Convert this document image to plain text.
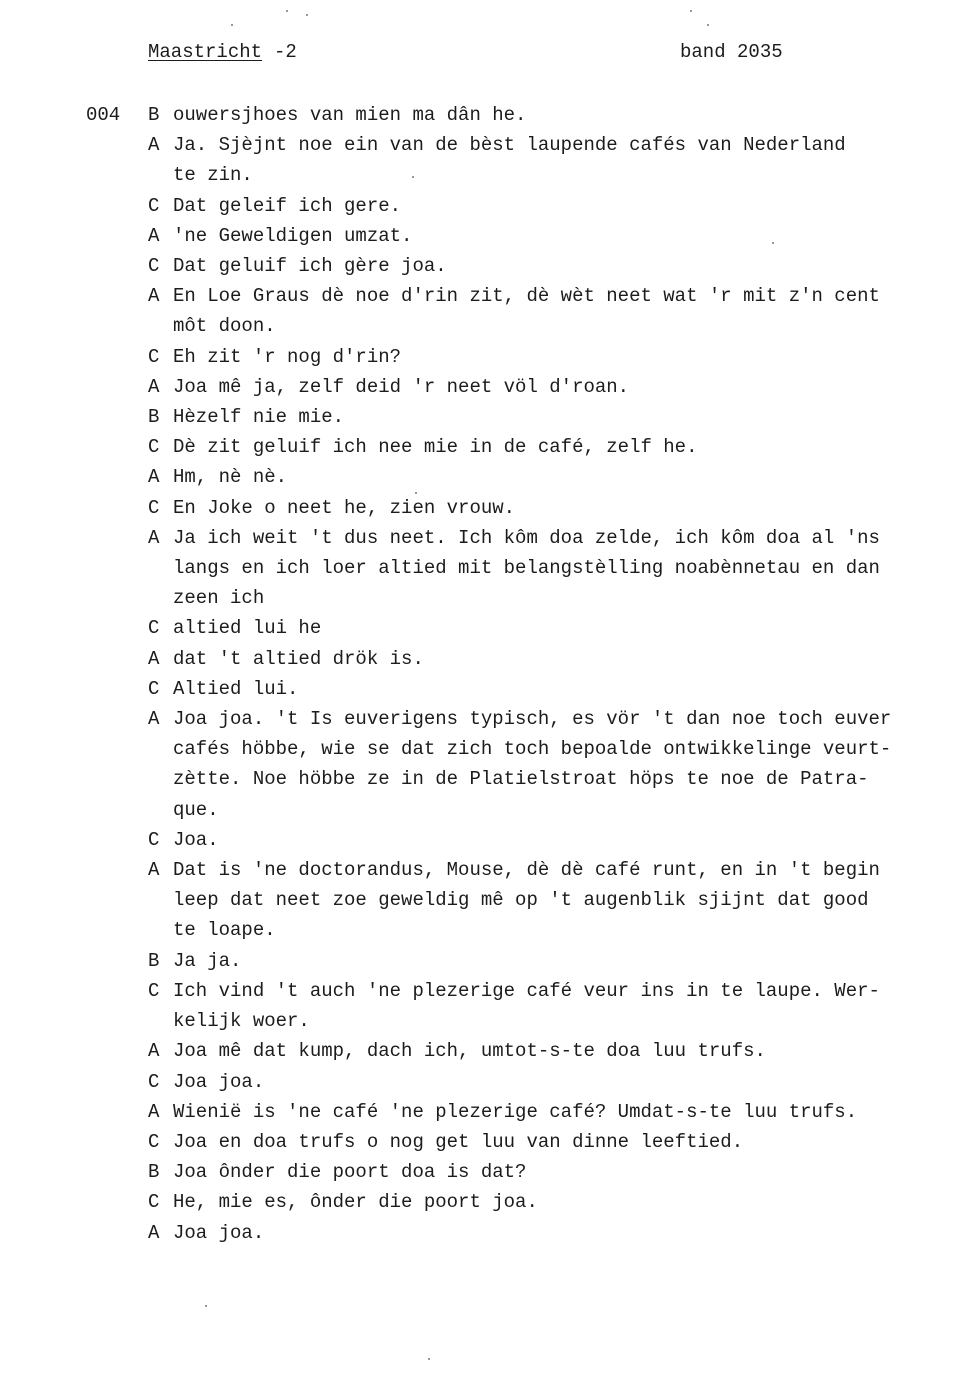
Maastricht -2	band 2035
004 B ouwersjhoes van mien ma dân he.
A Ja. Sjèjnt noe ein van de bèst laupende cafés van Nederland
te zin.
C Dat geleif ich gere.
A 'ne Geweldigen umzat.
C Dat geluif ich gère joa.
A En Loe Graus dè noe d'rin zit, dè wèt neet wat 'r mit z'n cent
môt doon.
C Eh zit 'r nog d'rin?
A Joa mê ja, zelf deid 'r neet völ d'roan.
B Hèzelf nie mie.
C Dè zit geluif ich nee mie in de café, zelf he.
A Hm, nè nè.
C En Joke o neet he, zien vrouw.
A Ja ich weit 't dus neet. Ich kôm doa zelde, ich kôm doa al 'ns
langs en ich loer altied mit belangstèlling noabènnetau en dan
zeen ich
C altied lui he
A dat 't altied drök is.
C Altied lui.
A Joa joa. 't Is euverigens typisch, es vör 't dan noe toch euver
cafés höbbe, wie se dat zich toch bepoalde ontwikkelinge veurt-
zètte. Noe höbbe ze in de Platielstroat höps te noe de Patra-
que.
C Joa.
A Dat is 'ne doctorandus, Mouse, dè dè café runt, en in 't begin
leep dat neet zoe geweldig mê op 't augenblik sjijnt dat good
te loape.
B Ja ja.
C Ich vind 't auch 'ne plezerige café veur ins in te laupe. Wer-
kelijk woer.
A Joa mê dat kump, dach ich, umtot-s-te doa luu trufs.
C Joa joa.
A Wienië is 'ne café 'ne plezerige café? Umdat-s-te luu trufs.
C Joa en doa trufs o nog get luu van dinne leeftied.
B Joa ônder die poort doa is dat?
C He, mie es, ônder die poort joa.
A Joa joa.
